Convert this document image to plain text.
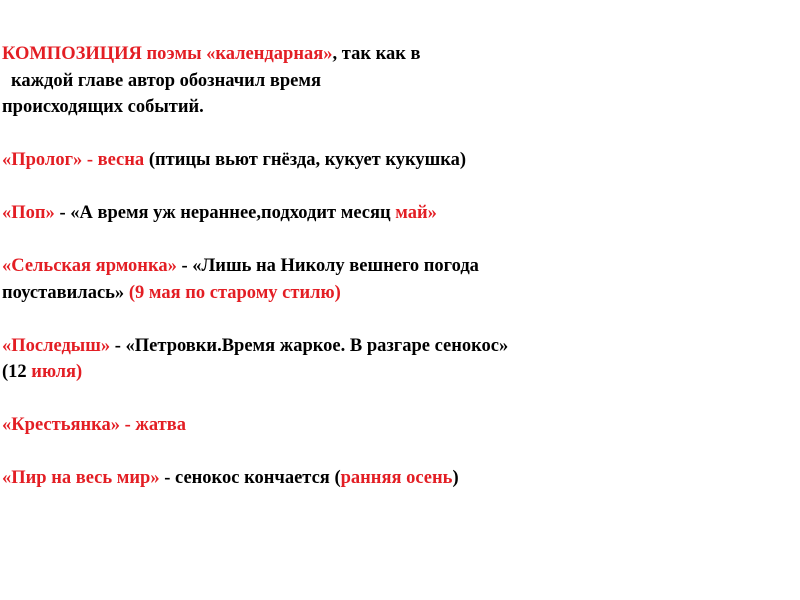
КОМПОЗИЦИЯ поэмы «календарная», так как в
каждой главе автор обозначил время
происходящих событий.

«Пролог» - весна (птицы вьют гнёзда, кукует кукушка)

«Поп» - «А время уж нераннее,подходит месяц май»

«Сельская ярмонка» - «Лишь на Николу вешнего погода
поуставилась» (9 мая по старому стилю)

«Последыш» - «Петровки.Время жаркое. В разгаре сенокос»
(12 июля)

«Крестьянка» - жатва

«Пир на весь мир» - сенокос кончается (ранняя осень)
